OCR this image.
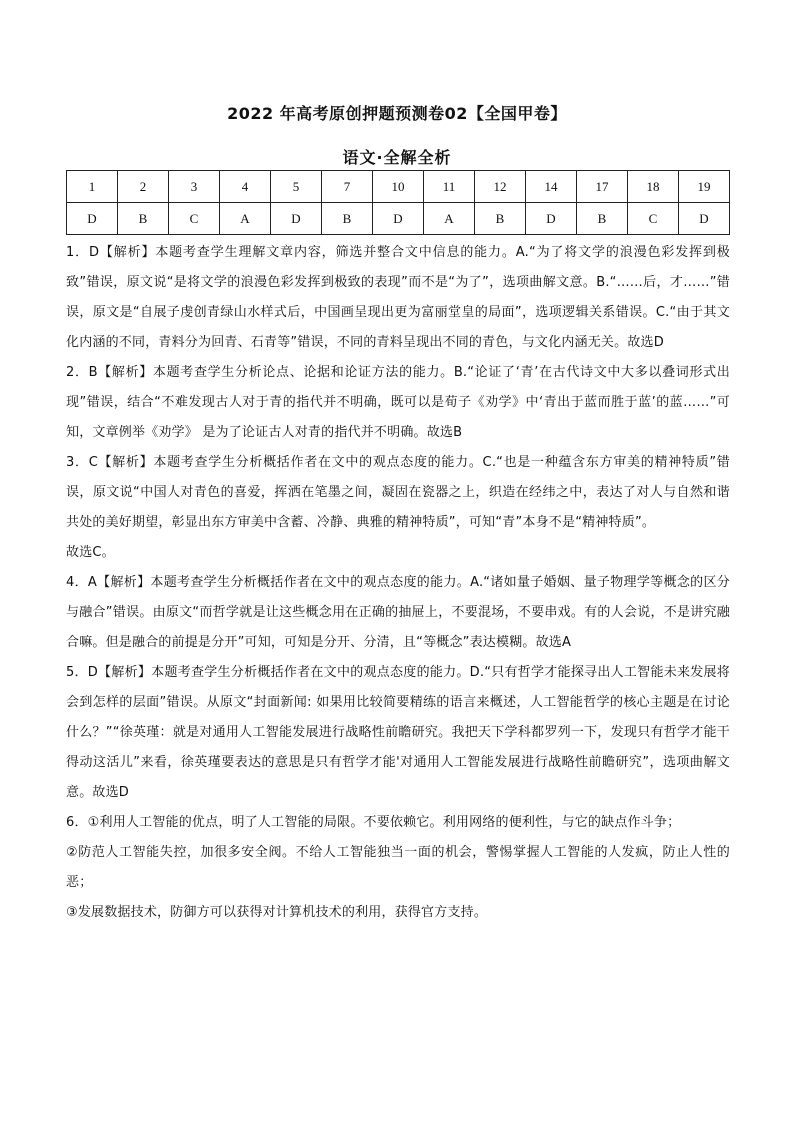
2022 年高考原创押题预测卷02【全国甲卷】
语文·全解全析
1	2	3	4	5	7	10	11	12	14	17	18	19
D	B	C	A	D	B	D	A	B	D	B	C	D

1．D【解析】本题考查学生理解文章内容，筛选并整合文中信息的能力。A.“为了将文学的浪漫色彩发挥到极致”错误，原文说“是将文学的浪漫色彩发挥到极致的表现”而不是“为了”，选项曲解文意。B.“……后，才……”错误，原文是“自展子虔创青绿山水样式后，中国画呈现出更为富丽堂皇的局面”，选项逻辑关系错误。C.“由于其文化内涵的不同，青料分为回青、石青等”错误，不同的青料呈现出不同的青色，与文化内涵无关。故选D

2．B【解析】本题考查学生分析论点、论据和论证方法的能力。B.“论证了‘青’在古代诗文中大多以叠词形式出现”错误，结合“不难发现古人对于青的指代并不明确，既可以是荀子《劝学》中‘青出于蓝而胜于蓝’的蓝……”可知，文章例举《劝学》 是为了论证古人对青的指代并不明确。故选B

3．C【解析】本题考查学生分析概括作者在文中的观点态度的能力。C.“也是一种蕴含东方审美的精神特质”错误，原文说“中国人对青色的喜爱，挥洒在笔墨之间，凝固在瓷器之上，织造在经纬之中，表达了对人与自然和谐共处的美好期望，彰显出东方审美中含蓄、冷静、典雅的精神特质”，可知“青”本身不是“精神特质”。

故选C。

4．A【解析】本题考查学生分析概括作者在文中的观点态度的能力。A.“诸如量子婚姻、量子物理学等概念的区分与融合”错误。由原文“而哲学就是让这些概念用在正确的抽屉上，不要混场，不要串戏。有的人会说，不是讲究融合嘛。但是融合的前提是分开”可知，可知是分开、分清，且“等概念”表达模糊。故选A

5．D【解析】本题考查学生分析概括作者在文中的观点态度的能力。D.“只有哲学才能探寻出人工智能未来发展将会到怎样的层面”错误。从原文“封面新闻: 如果用比较简要精练的语言来概述，人工智能哲学的核心主题是在讨论什么？”“徐英瑾：就是对通用人工智能发展进行战略性前瞻研究。我把天下学科都罗列一下，发现只有哲学才能干得动这活儿”来看，徐英瑾要表达的意思是只有哲学才能'对通用人工智能发展进行战略性前瞻研究”，选项曲解文意。故选D

6．①利用人工智能的优点，明了人工智能的局限。不要依赖它。利用网络的便利性，与它的缺点作斗争；

②防范人工智能失控，加很多安全阀。不给人工智能独当一面的机会，警惕掌握人工智能的人发疯，防止人性的恶；

③发展数据技术，防御方可以获得对计算机技术的利用，获得官方支持。
